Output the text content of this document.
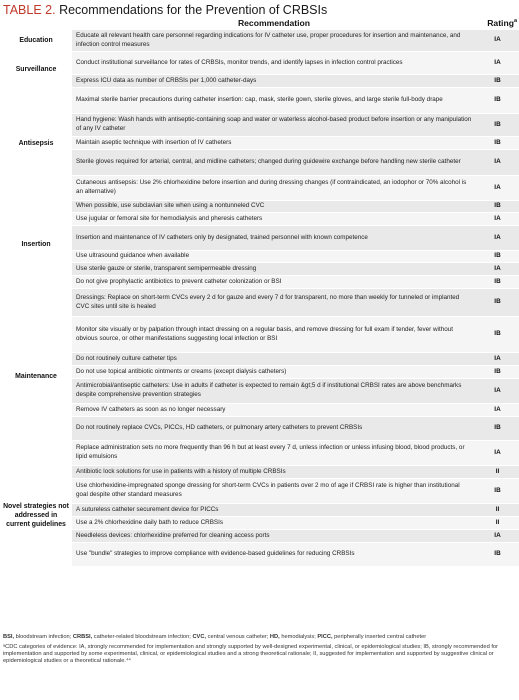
TABLE 2. Recommendations for the Prevention of CRBSIs
	Recommendation	Rating$^a$
Education	Educate all relevant health care personnel regarding indications for IV catheter use, proper procedures for insertion and maintenance, and infection control measures	IA
Surveillance	Conduct institutional surveillance for rates of CRBSIs, monitor trends, and identify lapses in infection control practices	IA
	Express ICU data as number of CRBSIs per 1,000 catheter-days	IB
Antisepsis	Maximal sterile barrier precautions during catheter insertion: cap, mask, sterile gown, sterile gloves, and large sterile full-body drape	IB
	Hand hygiene: Wash hands with antiseptic-containing soap and water or waterless alcohol-based product before insertion or any manipulation of any IV catheter	IB
	Maintain aseptic technique with insertion of IV catheters	IB
	Sterile gloves required for arterial, central, and midline catheters; changed during guidewire exchange before handling new sterile catheter	IA
	Cutaneous antisepsis: Use 2% chlorhexidine before insertion and during dressing changes (if contraindicated, an iodophor or 70% alcohol is an alternative)	IA
Insertion	When possible, use subclavian site when using a nontunneled CVC	IB
	Use jugular or femoral site for hemodialysis and pheresis catheters	IA
	Insertion and maintenance of IV catheters only by designated, trained personnel with known competence	IA
	Use ultrasound guidance when available	IB
	Use sterile gauze or sterile, transparent semipermeable dressing	IA
	Do not give prophylactic antibiotics to prevent catheter colonization or BSI	IB
Maintenance	Dressings: Replace on short-term CVCs every 2 d for gauze and every 7 d for transparent, no more than weekly for tunneled or implanted CVC sites until site is healed	IB
	Monitor site visually or by palpation through intact dressing on a regular basis, and remove dressing for full exam if tender, fever without obvious source, or other manifestations suggesting local infection or BSI	IB
	Do not routinely culture catheter tips	IA
	Do not use topical antibiotic ointments or creams (except dialysis catheters)	IB
	Antimicrobial/antiseptic catheters: Use in adults if catheter is expected to remain &gt;5 d if institutional CRBSI rates are above benchmarks despite comprehensive prevention strategies	IA
	Remove IV catheters as soon as no longer necessary	IA
	Do not routinely replace CVCs, PICCs, HD catheters, or pulmonary artery catheters to prevent CRBSIs	IB
	Replace administration sets no more frequently than 96 h but at least every 7 d, unless infection or unless infusing blood, blood products, or lipid emulsions	IA
Novel strategies not addressed in current guidelines	Antibiotic lock solutions for use in patients with a history of multiple CRBSIs	II
	Use chlorhexidine-impregnated sponge dressing for short-term CVCs in patients over 2 mo of age if CRBSI rate is higher than institutional goal despite other standard measures	IB
	A sutureless catheter securement device for PICCs	II
	Use a 2% chlorhexidine daily bath to reduce CRBSIs	II
	Needleless devices: chlorhexidine preferred for cleaning access ports	IA
	Use "bundle" strategies to improve compliance with evidence-based guidelines for reducing CRBSIs	IB
BSI, bloodstream infection; CRBSI, catheter-related bloodstream infection; CVC, central venous catheter; HD, hemodialysis; PICC, peripherally inserted central catheter
ᵃCDC categories of evidence: IA, strongly recommended for implementation and strongly supported by well-designed experimental, clinical, or epidemiological studies; IB, strongly recommended for implementation and supported by some experimental, clinical, or epidemiological studies and a strong theoretical rationale; II, suggested for implementation and supported by suggestive clinical or epidemiological studies or a theoretical rationale.⁴⁴
